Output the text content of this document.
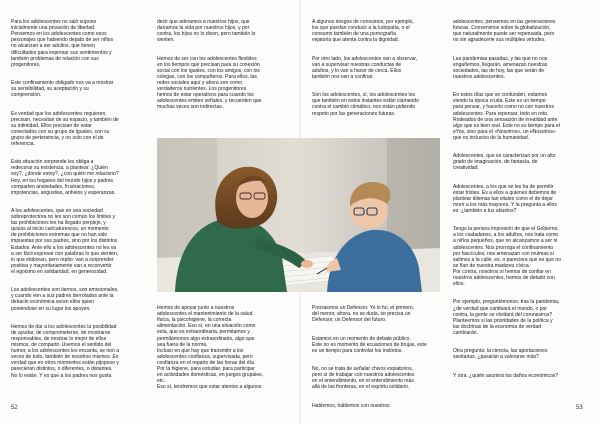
Para los adolescentes no salir supone
inicialmente una privación de libertad.
Pensemos en los adolescentes como esos
personajes que habiendo dejado de ser niños
no alcanzan a ser adultos, que tienen
dificultades para expresar sus sentimientos y
también problemas de relación con sus
progenitores.

Este confinamiento obligado nos va a mostrar
su sensibilidad, su aceptación y su
comprensión.

Es verdad que los adolescentes requieren,
precisan, necesitan de su espacio, y también de
su intimidad. Ellos precisan de estar
conectados con su grupo de iguales, con su
grupo de pertenencia, y no solo con el de
referencia.

Esta situación sorprende les obliga a
redecorar su existencia, a plantear: ¿Quién
soy?, ¿dónde estoy?, ¿con quién me relaciono?
Hoy, en los hogares del mundo hijos y padres
comparten ansiedades, frustraciones,
impotencias, angustias, anhelos y esperanzas.

A los adolescentes, que en una sociedad
sobreprotectora no les son común los límites y
las prohibiciones les ha llegado perplejo, y
quizás al inicio caricaturescos, un momento
de prohibiciones extremas que no han sido
impuestas por sus padres, sino por los distintos
Estados. Ante ello a los adolescentes no les va
a ser fácil expresar con palabras lo que sienten,
lo que elaboran, pero repito: van a sorprender
positiva y mayoritariamente van a reconvertir
el egoísmo en solidaridad, en generosidad.

Los adolescentes son tiernos, son emocionales,
y cuando ven a sus padres derrotados ante la
debacle económica seran ellos quien
poniéndose en su lugar los apoyen.

Hemos de dar a los adolescentes la posibilidad
de ayudar, de comprometerse, de mostrarse
responsables, de mostrar lo mejor de ellos
mismos, de compartir. Usemos el sentido del
humor, a los adolescentes les encanta, se rien a
veces de todo, también de nosotros mismos. Es
verdad que en otros momentos están pijoposo y
parecieran distintos, o diferentes, o distantes.
No lo están. Y es que a los padres nos gusta

decir que adoramos a nuestros hijos, que
daríamos la vida por nuestros hijos, y por
contra, los hijos no lo dicen, pero también lo
sienten.

Hemos de ser con los adolescentes flexibles
en los tiempos que precisan para su conexión
social con los iguales, con los amigos, con los
colegas, con los compañeros. Para ellos, las
redes sociales aquí y ahora son como
verdaderos nutrientes. Los progenitores
hemos de estar operativos para cuando los
adolescentes emiten señales, y recuerden que
muchas veces son indirectas.

Hemos de apoyar junto a nuestros
adolescentes el mantenimiento de la salud
física, la psicohigiene, la correcta
alimentación. Eso sí, en una situación como
esta, que es extraordinaria, permitamos y
permitámonos algo extraordinario, algo que
sea fuera de la norma.
Incluso en que hay que transmitir a los
adolescentes confianza, supervisada, pero
confianza en el reparto de las horas del día.
Por la higiene, para estudiar, para participar
en actividades domésticas, en juegos grupales,
etc.
Eso sí, tendremos que estar atentos a algunos

52

A algunos riesgos de consumos, por ejemplo,
los que puedan conducir a la ludopatía, o el
consumo también de una pornografía
vejatoria que atenta contra la dignidad.

Por otro lado, los adolescentes van a observar,
van a supervisar nuestras conductas de
adultos, y lo van a hacer de cerca. Ellos
también nos van a confinar.

Son los adolescentes, sí, los adolescentes los
que también en estos instantes están clamando
contra el cambio climático, nos están pidiendo
respeto por las generaciones futuras.

Preciasmos un Defensor. Yo lo fui, el primero,
del menor, ahora, no se duda, se precisa un
Defensor, un Defensor del futuro.

Estamos en un momento de debate público.
Este no es momento de ecuaciones de brujas, este
es un tiempo para controlar los instintos.

No, no se trata de señalar chivos expiatorios,
pero sí de trabajar con nuestros adolescentes
en el entendimiento, en el entendimiento más
allá de las fronteras, en el espíritu solidario.

Hablemos, hablemos con nuestros

adolescentes, pensemos en las generaciones
futuras. Convenimos sobre la globalización,
que naturalmente puede ser repensada, pero
no sin agradecerle sus múltiples virtudes.

Las pandemias pasadas, y las que no nos
engañemos, llegarán, amenazan nuestras
sociedades, las de hoy, las que serán de
nuestros adolescentes.

En estos días que se confunden, estamos
viendo la época cruda. Este es un tiempo
para pensar, y hacerlo como no con nuestros
adolescentes. Para repensar, todo en reto.
Rodeados de una sensación de irrealidad ante
algo que es bien real. Este no es tiempo para el
eYos, sino para el «Nosotros», un eNosotros»
que es inclusivo de la humanidad.

Adolescentes, que se caracterizan por un alto
grado de imaginación, de fantasía, de
creatividad.

Adolescentes, a los que se les ha de permitir
estar tristes. Es a ellos a quienes debemos de
plantear dilemas tan vitales como el de dejar
morir a los más mayores. Y la pregunta a ellos
es: ¿también a tus abuelos?

Tengo la pensos impresión de que el Gobierno,
a los ciudadanos, a los adultos, nos trata como
a niños pequeños, que no alcanzamos a ser ni
adolescentes. Nos prorroga el confinamiento
por fascículos, nos amenazan con mulmas si
salimos a la calle, es, o pareciera que es que no
se fían de nuestra madurez cívica.
Por contra, nosotros sí hemos de confiar en
nuestros adolescentes, hemos de debatir con
ellos.

Por ejemplo, preguntémonos: tras la pandemia,
¿de verdad que cambiará el mundo, o por
contra, la gente se olvidará del coronavirus?
Planteemos si las prioridades de la política y
las doctrinas de la economía de verdad
cambiarán.

Otra pregunta: la ciencia, las aportaciones
sanitarias, ¿pasarán a valorarse más?

Y otra: ¿quién asumirá los daños económicos?

53
